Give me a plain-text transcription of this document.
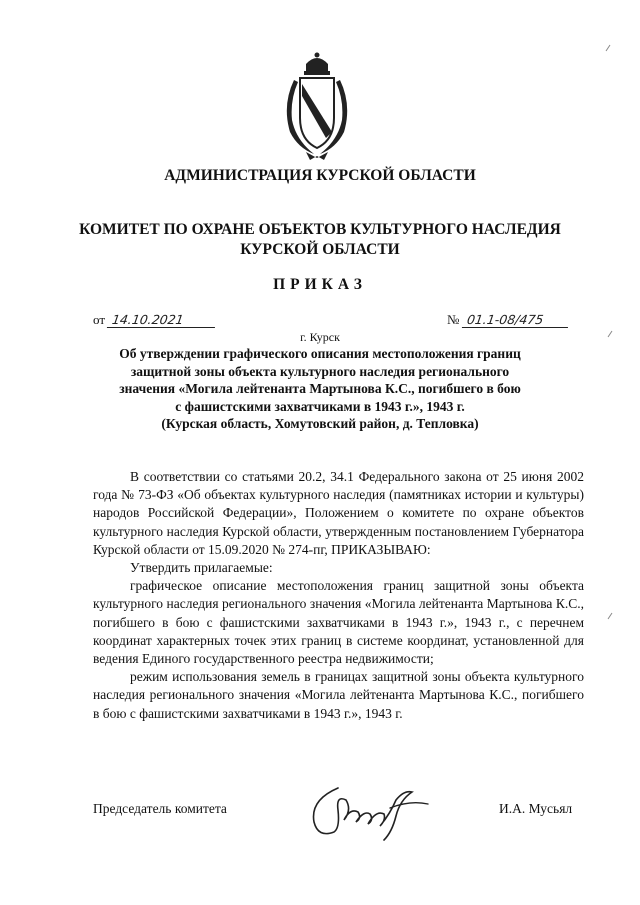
АДМИНИСТРАЦИЯ КУРСКОЙ ОБЛАСТИ
КОМИТЕТ ПО ОХРАНЕ ОБЪЕКТОВ КУЛЬТУРНОГО НАСЛЕДИЯ
КУРСКОЙ ОБЛАСТИ
ПРИКАЗ
от 14.10.2021	№ 01.1-08/475
г. Курск
Об утверждении графического описания местоположения границ
защитной зоны объекта культурного наследия регионального
значения «Могила лейтенанта Мартынова К.С., погибшего в бою
с фашистскими захватчиками в 1943 г.», 1943 г.
(Курская область, Хомутовский район, д. Тепловка)

В соответствии со статьями 20.2, 34.1 Федерального закона от 25 июня 2002 года № 73-ФЗ «Об объектах культурного наследия (памятниках истории и культуры) народов Российской Федерации», Положением о комитете по охране объектов культурного наследия Курской области, утвержденным постановлением Губернатора Курской области от 15.09.2020 № 274-пг, ПРИКАЗЫВАЮ:

Утвердить прилагаемые:

графическое описание местоположения границ защитной зоны объекта культурного наследия регионального значения «Могила лейтенанта Мартынова К.С., погибшего в бою с фашистскими захватчиками в 1943 г.», 1943 г., с перечнем координат характерных точек этих границ в системе координат, установленной для ведения Единого государственного реестра недвижимости;

режим использования земель в границах защитной зоны объекта культурного наследия регионального значения «Могила лейтенанта Мартынова К.С., погибшего в бою с фашистскими захватчиками в 1943 г.», 1943 г.

Председатель комитета	И.А. Мусьял
